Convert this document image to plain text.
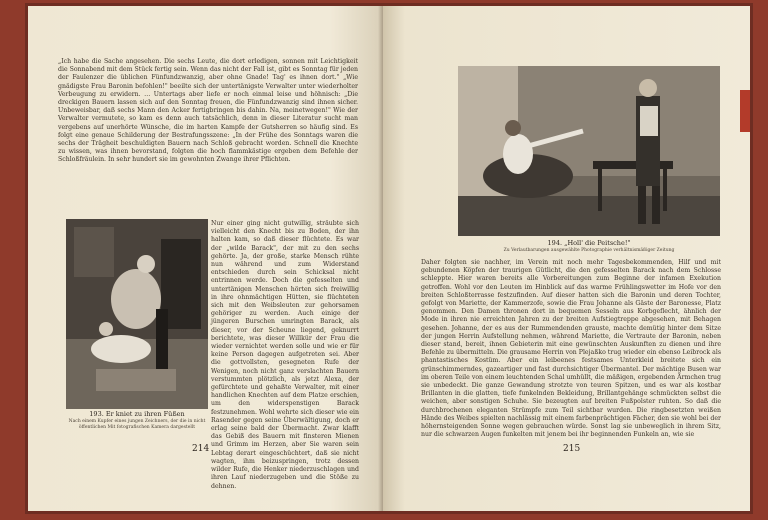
„Ich habe die Sache angesehen. Die sechs Leute, die dort erledigen, sonnen mit Leichtigkeit die Sonnabend mit dem Stück fertig sein. Wenn das nicht der Fall ist, gibt es Sonntag für jeden der Faulenzer die üblichen Fünfundzwanzig, aber ohne Gnade! Tag' es ihnen dort." „Wie gnädigste Frau Baronin befohlen!" beeilte sich der untertänigste Verwalter unter wiederholter Verbeugung zu erwidern. … Untertags aber liefe er noch einmal leise und höhnisch: „Die dreckigen Bauern lassen sich auf den Sonntag freuen, die Fünfundzwanzig sind ihnen sicher. Unbeweisbar, daß sechs Mann den Acker fertigbringen bis dahin. Na, meinetwegen!" Wie der Verwalter vermutete, so kam es denn auch tatsächlich, denn in dieser Literatur sucht man vergebens auf unerhörte Wünsche, die im harten Kampfe der Gutsherren so häufig sind. Es folgt eine genaue Schilderung der Bestrafungsszene: „In der Frühe des Sonntags waren die sechs der Trägheit beschuldigten Bauern nach Schloß gebracht worden. Schnell die Knechte zu wissen, was ihnen bevorstand, folgten die hoch flammkästige ergeben dem Befehle der Schloßfräulein. In sehr hundert sie im gewohnten Zwange ihrer Pflichten.

Nur einer ging nicht gutwillig, sträubte sich vielleicht den Knecht bis zu Boden, der ihn halten kam, so daß dieser flüchtete. Es war der „wilde Barack", der mit zu den sechs gehörte. Ja, der große, starke Mensch rühte nun während und zum Widerstand entschieden durch sein Schicksal nicht entrinnen werde. Doch die gefesselten und untertänigen Menschen hörten sich freiwillig in ihre ohnmächtigen Hütten, sie flüchteten sich mit den Weibsleuten zur gehorsamen gehöriger zu werden. Auch einige der jüngeren Burschen umringten Barack, als dieser, vor der Scheune liegend, geknurrt berichtete, was dieser Willkür der Frau die wieder vernichtet werden solle und wie er für keine Person dagegen aufgetreten sei. Aber die gottvollsten, gesegneten Rufe der Wenigen, noch nicht ganz verslachten Bauern verstummten plötzlich, als jetzt Alexa, der gefürchtete und gehaßte Verwalter, mit einer handlichen Knechten auf dem Platze erschien, um den widerspenstigen Barack festzunehmen. Wohl wehrte sich dieser wie ein Rasender gegen seine Überwältigung, doch er erlag seine bald der Übermacht. Zwar klafft das Gebiß des Bauern mit finsteren Mienen und Grimm im Herzen, aber Sie waren sein Lebtag derart eingeschüchtert, daß sie nicht wagten, ihm beizuspringen, trotz dessen wilder Rufe, die Henker niederzuschlagen und ihren Lauf niederzugeben und die Stöße zu dehnen.

193. Er kniet zu ihren Füßen
Nach einem Kupfer eines jungen Zeichners, der die in nicht öffentlichen Mit fotografischen Kamera dargestellt
214
194. „Holl' die Peitsche!"
Zu Verlautbarungen ausgewählte Photographie verhältnismäßiger Zeitung

Daher folgten sie nachher, im Verein mit noch mehr Tagesbekommenden, Hilf und mit gebundenen Köpfen der traurigen Gütlicht, die den gefesselten Barack nach dem Schlosse schleppte. Hier waren bereits alle Vorbereitungen zum Beginne der infamen Exekution getroffen. Wohl vor den Leuten im Hinblick auf das warme Frühlingswetter im Hofe vor den breiten Schloßterrasse festzufinden. Auf dieser hatten sich die Baronin und deren Tochter, gefolgt von Mariette, der Kammerzofe, sowie die Frau Johanne als Gäste der Baronesse, Platz genommen. Den Damen thronen dort in bequemen Sesseln aus Korbgeflecht, ähnlich der Mode in ihren nie erreichten Jahren zu der breiten Aufstiegtreppe abgesehen, mit Behagen gesehen. Johanne, der es aus der Rummendenden grauste, machte demütig hinter dem Sitze der jungen Herrin Aufstellung nehmen, während Mariette, die Vertraute der Baronin, neben dieser stand, bereit, ihnen Gebieterin mit eine gewünschten Auskunften zu dienen und ihre Befehle zu übermitteln. Die grausame Herrin von Plejaßko trug wieder ein ebenso Leibrock als phantastisches Kostüm. Aber ein leibeenes festsames Unterkleid breitete sich ein grünschimmerndes, gazeartiger und fast durchsichtiger Übermantel. Der mächtige Busen war im oberen Teile von einem leuchtenden Schal umhüllt, die mäßigen, ergebenden Ärmchen trug sie unbedeckt. Die ganze Gewandung strotzte von teuren Spitzen, und es war als kostbar Brillanten in die glatten, tiefe funkelnden Bekleidung, Brillantgehänge schmückten selbst die weichen, aber sonstigen Schuhe. Sie bezeugten auf breiten Fußpolster ruhten. So daß die durchbrochenen eleganten Strümpfe zum Teil sichtbar wurden. Die ringbesetzten weißen Hände des Weibes spielten nachlässig mit einem farbenprächtigen Fächer, den sie wohl bei der höhernsteigenden Sonne wegen gebrauchen würde. Sonst lag sie unbeweglich in ihrem Sitz, nur die schwarzen Augen funkelten mit jenem bei ihr beginnenden Funkeln an, wie sie

215
